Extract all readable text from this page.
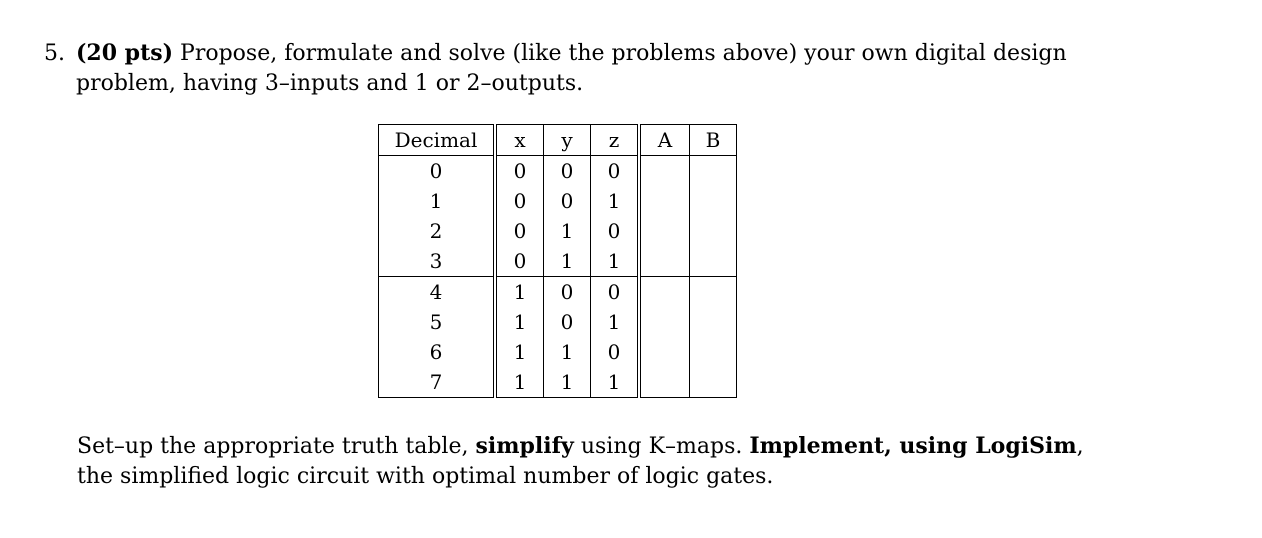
5. (20 pts) Propose, formulate and solve (like the problems above) your own digital design
problem, having 3–inputs and 1 or 2–outputs.
Decimal	x	y	z	A	B
0	0	0	0		
1	0	0	1		
2	0	1	0		
3	0	1	1		
4	1	0	0		
5	1	0	1		
6	1	1	0		
7	1	1	1		
Set–up the appropriate truth table, simplify using K–maps. Implement, using LogiSim,
the simplified logic circuit with optimal number of logic gates.
